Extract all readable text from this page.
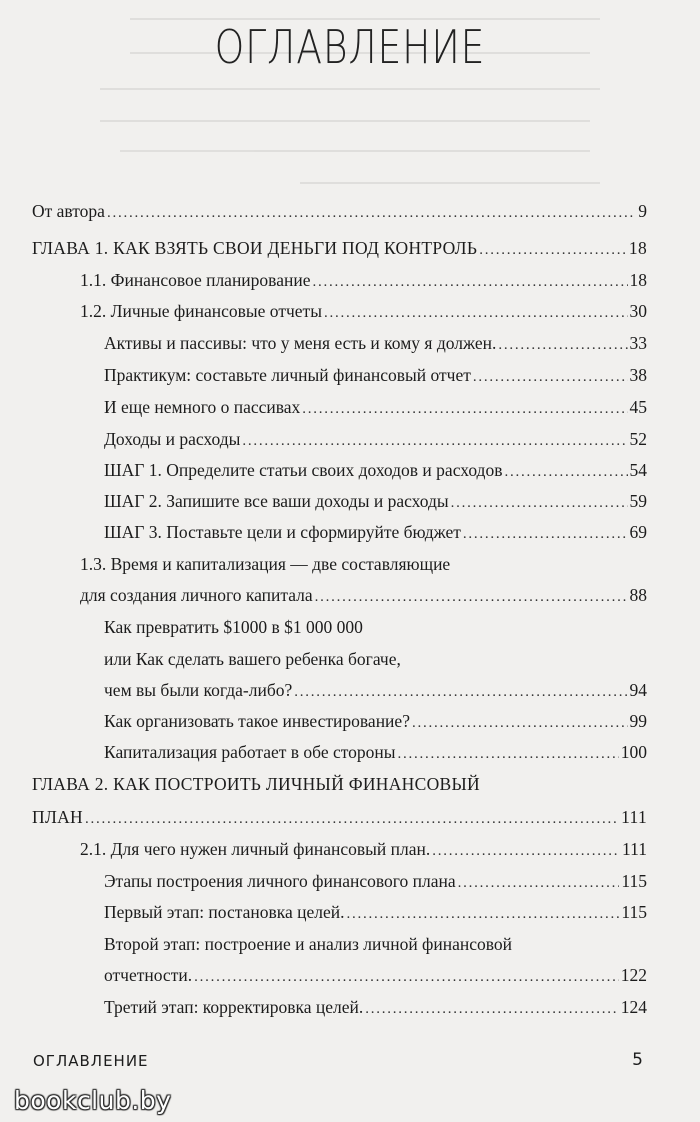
ОГЛАВЛЕНИЕ
От автора . . .	9
ГЛАВА 1. КАК ВЗЯТЬ СВОИ ДЕНЬГИ ПОД КОНТРОЛЬ . . .	18
1.1. Финансовое планирование . . .	18
1.2. Личные финансовые отчеты . . .	30
Активы и пассивы: что у меня есть и кому я должен. . . .	33
Практикум: составьте личный финансовый отчет . . .	38
И еще немного о пассивах . . .	45
Доходы и расходы . . .	52
ШАГ 1. Определите статьи своих доходов и расходов . . .	54
ШАГ 2. Запишите все ваши доходы и расходы . . .	59
ШАГ 3. Поставьте цели и сформируйте бюджет . . .	69
1.3. Время и капитализация — две составляющие
для создания личного капитала . . .	88
Как превратить $1000 в $1 000 000
или Как сделать вашего ребенка богаче,
чем вы были когда-либо? . . .	94
Как организовать такое инвестирование? . . .	99
Капитализация работает в обе стороны . . .	100
ГЛАВА 2. КАК ПОСТРОИТЬ ЛИЧНЫЙ ФИНАНСОВЫЙ
ПЛАН . . .	111
2.1. Для чего нужен личный финансовый план. . . .	111
Этапы построения личного финансового плана . . .	115
Первый этап: постановка целей. . . .	115
Второй этап: построение и анализ личной финансовой
отчетности. . . .	122
Третий этап: корректировка целей. . . .	124
ОГЛАВЛЕНИЕ	5
bookclub.by
